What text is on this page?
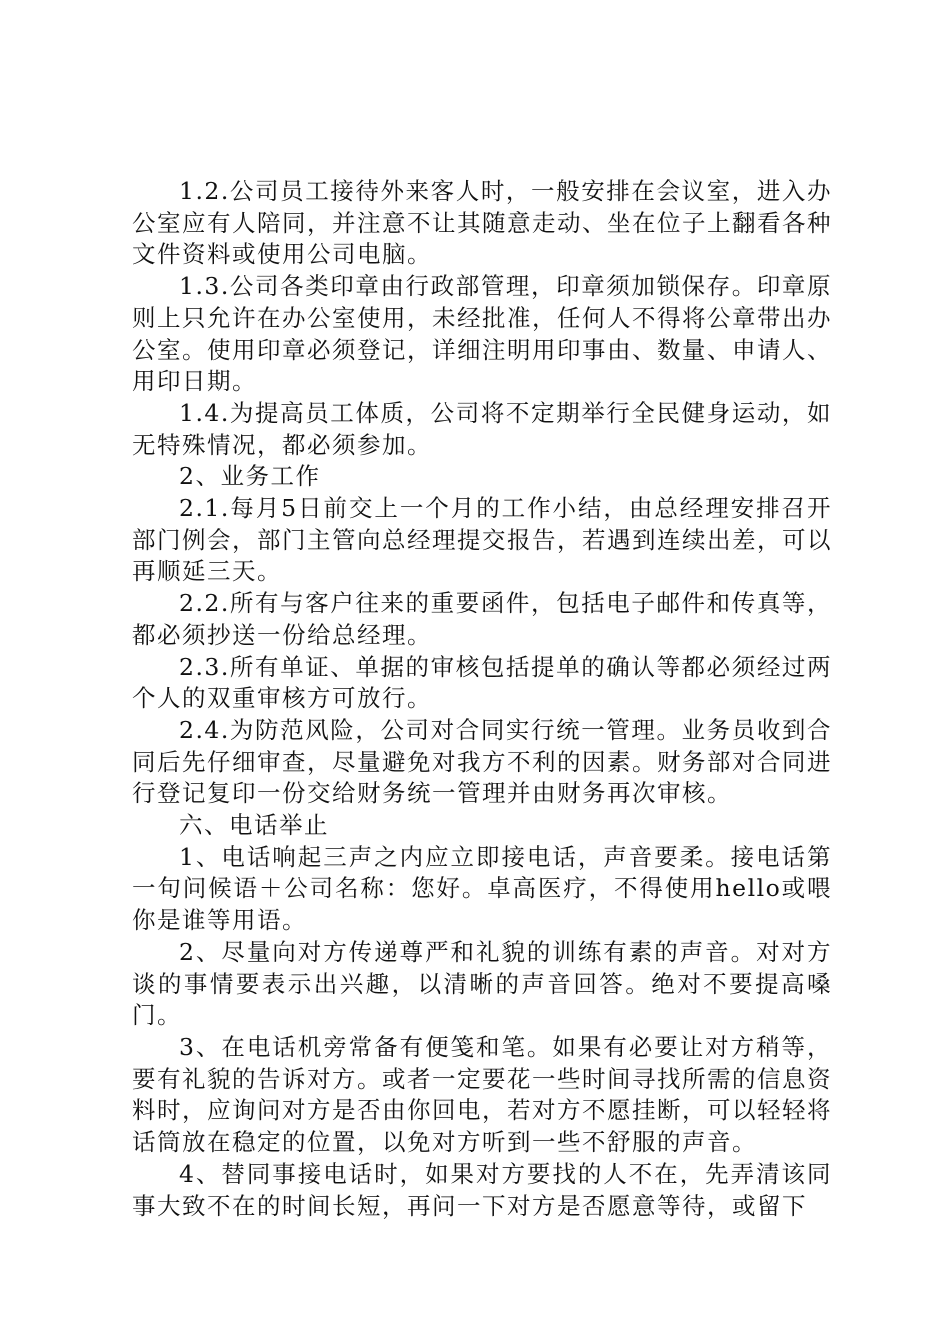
1.2.公司员工接待外来客人时，一般安排在会议室，进入办公室应有人陪同，并注意不让其随意走动、坐在位子上翻看各种文件资料或使用公司电脑。

1.3.公司各类印章由行政部管理，印章须加锁保存。印章原则上只允许在办公室使用，未经批准，任何人不得将公章带出办公室。使用印章必须登记，详细注明用印事由、数量、申请人、用印日期。

1.4.为提高员工体质，公司将不定期举行全民健身运动，如无特殊情况，都必须参加。

2、业务工作

2.1.每月5日前交上一个月的工作小结，由总经理安排召开部门例会，部门主管向总经理提交报告，若遇到连续出差，可以再顺延三天。

2.2.所有与客户往来的重要函件，包括电子邮件和传真等，都必须抄送一份给总经理。

2.3.所有单证、单据的审核包括提单的确认等都必须经过两个人的双重审核方可放行。

2.4.为防范风险，公司对合同实行统一管理。业务员收到合同后先仔细审查，尽量避免对我方不利的因素。财务部对合同进行登记复印一份交给财务统一管理并由财务再次审核。

六、电话举止

1、电话响起三声之内应立即接电话，声音要柔。接电话第一句问候语＋公司名称：您好。卓高医疗，不得使用hello或喂你是谁等用语。

2、尽量向对方传递尊严和礼貌的训练有素的声音。对对方谈的事情要表示出兴趣，以清晰的声音回答。绝对不要提高嗓门。

3、在电话机旁常备有便笺和笔。如果有必要让对方稍等，要有礼貌的告诉对方。或者一定要花一些时间寻找所需的信息资料时，应询问对方是否由你回电，若对方不愿挂断，可以轻轻将话筒放在稳定的位置，以免对方听到一些不舒服的声音。

4、替同事接电话时，如果对方要找的人不在，先弄清该同事大致不在的时间长短，再问一下对方是否愿意等待，或留下
